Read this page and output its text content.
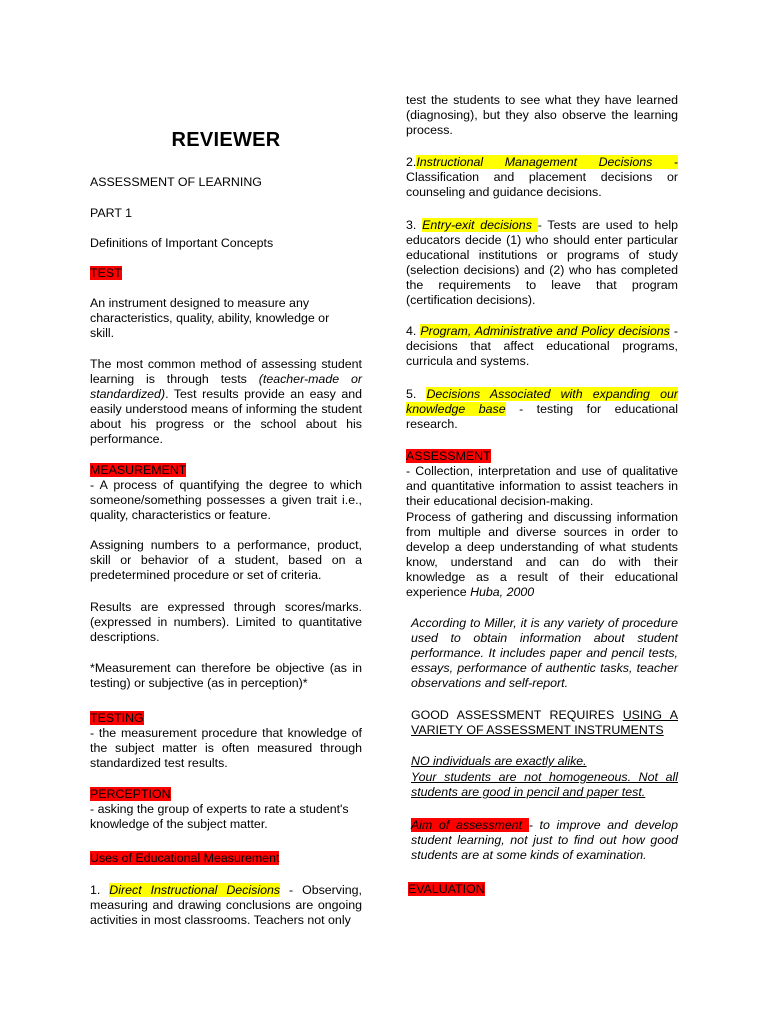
REVIEWER

ASSESSMENT OF LEARNING

PART 1

Definitions of Important Concepts

TEST

An instrument designed to measure any characteristics, quality, ability, knowledge or skill.

The most common method of assessing student learning is through tests (teacher-made or standardized). Test results provide an easy and easily understood means of informing the student about his progress or the school about his performance.

MEASUREMENT

- A process of quantifying the degree to which someone/something possesses a given trait i.e., quality, characteristics or feature.

Assigning numbers to a performance, product, skill or behavior of a student, based on a predetermined procedure or set of criteria.

Results are expressed through scores/marks. (expressed in numbers). Limited to quantitative descriptions.

*Measurement can therefore be objective (as in testing) or subjective (as in perception)*

TESTING

- the measurement procedure that knowledge of the subject matter is often measured through standardized test results.

PERCEPTION

- asking the group of experts to rate a student's knowledge of the subject matter.

Uses of Educational Measurement

1. Direct Instructional Decisions - Observing, measuring and drawing conclusions are ongoing activities in most classrooms. Teachers not only

test the students to see what they have learned (diagnosing), but they also observe the learning process.

2.Instructional Management Decisions - Classification and placement decisions or counseling and guidance decisions.

3. Entry-exit decisions - Tests are used to help educators decide (1) who should enter particular educational institutions or programs of study (selection decisions) and (2) who has completed the requirements to leave that program (certification decisions).

4. Program, Administrative and Policy decisions - decisions that affect educational programs, curricula and systems.

5. Decisions Associated with expanding our knowledge base - testing for educational research.

ASSESSMENT

- Collection, interpretation and use of qualitative and quantitative information to assist teachers in their educational decision-making.

Process of gathering and discussing information from multiple and diverse sources in order to develop a deep understanding of what students know, understand and can do with their knowledge as a result of their educational experience Huba, 2000

According to Miller, it is any variety of procedure used to obtain information about student performance. It includes paper and pencil tests, essays, performance of authentic tasks, teacher observations and self-report.

GOOD ASSESSMENT REQUIRES USING A VARIETY OF ASSESSMENT INSTRUMENTS

NO individuals are exactly alike.

Your students are not homogeneous. Not all students are good in pencil and paper test.

Aim of assessment - to improve and develop student learning, not just to find out how good students are at some kinds of examination.

EVALUATION
